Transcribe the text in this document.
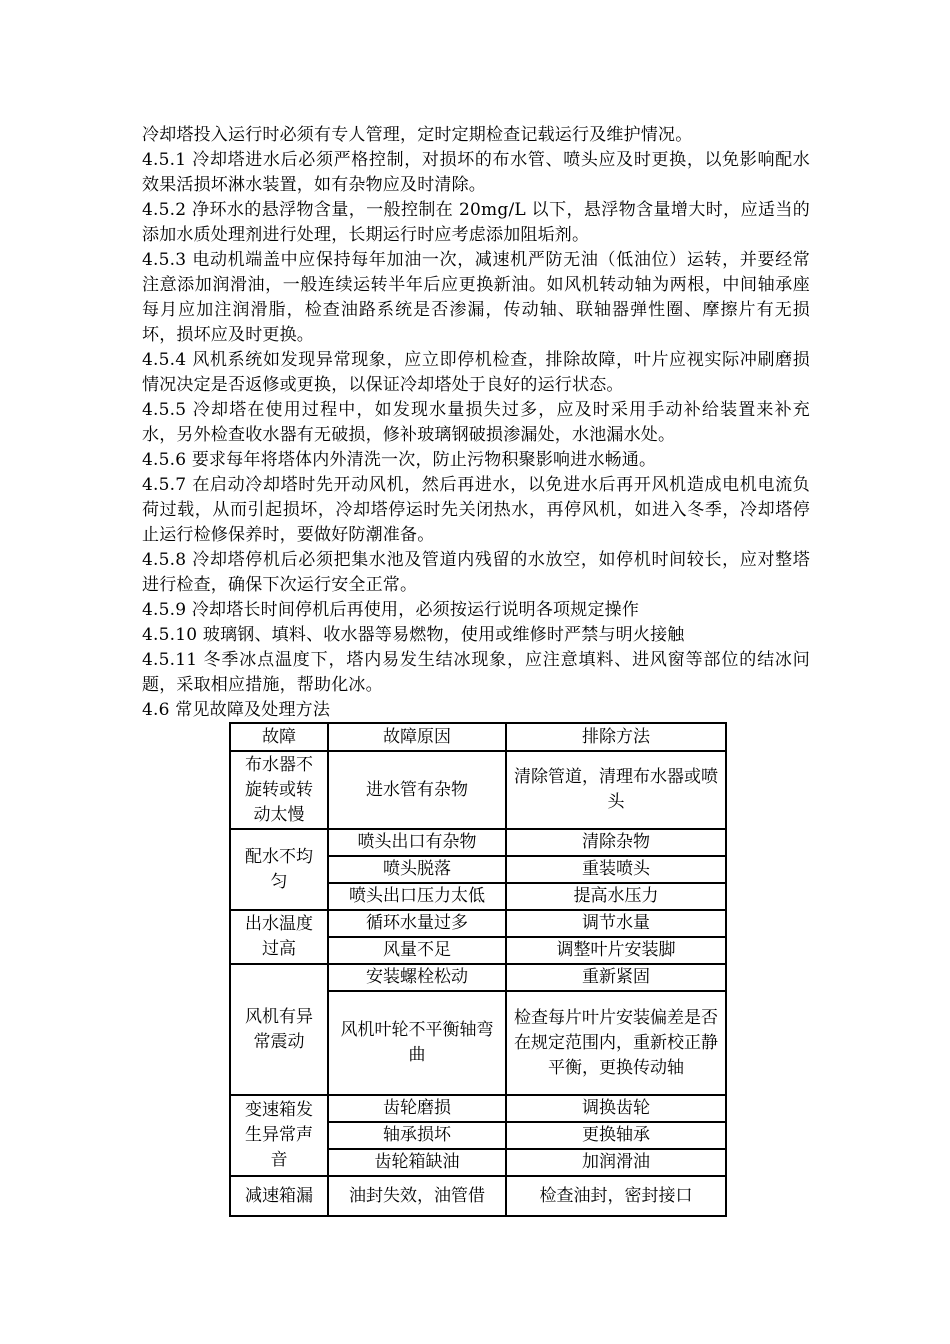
冷却塔投入运行时必须有专人管理，定时定期检查记载运行及维护情况。

4.5.1 冷却塔进水后必须严格控制，对损坏的布水管、喷头应及时更换，以免影响配水效果活损坏淋水装置，如有杂物应及时清除。

4.5.2 净环水的悬浮物含量，一般控制在 20mg/L 以下，悬浮物含量增大时，应适当的添加水质处理剂进行处理，长期运行时应考虑添加阻垢剂。

4.5.3 电动机端盖中应保持每年加油一次，减速机严防无油（低油位）运转，并要经常注意添加润滑油，一般连续运转半年后应更换新油。如风机转动轴为两根，中间轴承座每月应加注润滑脂，检查油路系统是否渗漏，传动轴、联轴器弹性圈、摩擦片有无损坏，损坏应及时更换。

4.5.4 风机系统如发现异常现象，应立即停机检查，排除故障，叶片应视实际冲刷磨损情况决定是否返修或更换，以保证冷却塔处于良好的运行状态。

4.5.5 冷却塔在使用过程中，如发现水量损失过多，应及时采用手动补给装置来补充水，另外检查收水器有无破损，修补玻璃钢破损渗漏处，水池漏水处。

4.5.6 要求每年将塔体内外清洗一次，防止污物积聚影响进水畅通。

4.5.7 在启动冷却塔时先开动风机，然后再进水，以免进水后再开风机造成电机电流负荷过载，从而引起损坏，冷却塔停运时先关闭热水，再停风机，如进入冬季，冷却塔停止运行检修保养时，要做好防潮准备。

4.5.8 冷却塔停机后必须把集水池及管道内残留的水放空，如停机时间较长，应对整塔进行检查，确保下次运行安全正常。

4.5.9 冷却塔长时间停机后再使用，必须按运行说明各项规定操作

4.5.10 玻璃钢、填料、收水器等易燃物，使用或维修时严禁与明火接触

4.5.11 冬季冰点温度下，塔内易发生结冰现象，应注意填料、进风窗等部位的结冰问题，采取相应措施，帮助化冰。

4.6 常见故障及处理方法

故障	故障原因	排除方法
布水器不旋转或转动太慢	进水管有杂物	清除管道，清理布水器或喷头
配水不均匀	喷头出口有杂物	清除杂物
	喷头脱落	重装喷头
	喷头出口压力太低	提高水压力
出水温度过高	循环水量过多	调节水量
	风量不足	调整叶片安装脚
风机有异常震动	安装螺栓松动	重新紧固
	风机叶轮不平衡轴弯曲	检查每片叶片安装偏差是否在规定范围内，重新校正静平衡，更换传动轴
变速箱发生异常声音	齿轮磨损	调换齿轮
	轴承损坏	更换轴承
	齿轮箱缺油	加润滑油
减速箱漏	油封失效，油管借	检查油封，密封接口
